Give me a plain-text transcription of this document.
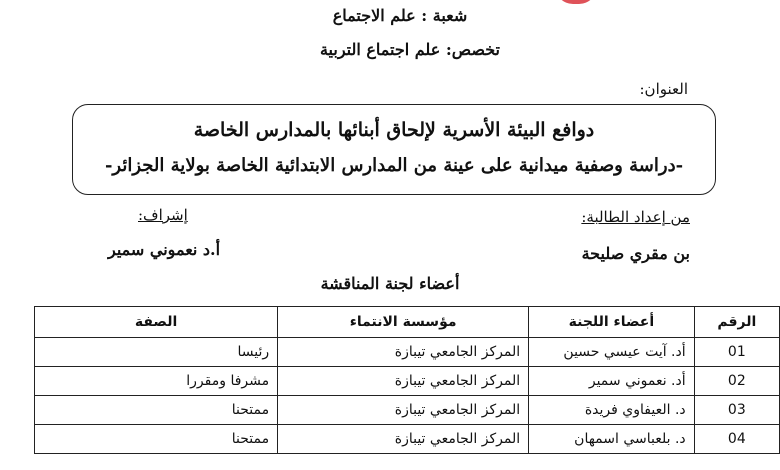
شعبة : علم الاجتماع
تخصص: علم اجتماع التربية
العنوان:
دوافع البيئة الأسرية لإلحاق أبنائها بالمدارس الخاصة
-دراسة وصفية ميدانية على عينة من المدارس الابتدائية الخاصة بولاية الجزائر-
من إعداد الطالبة:
بن مقري صليحة
إشراف:
أ.د نعموني سمير
أعضاء لجنة المناقشة
الرقم	أعضاء اللجنة	مؤسسة الانتماء	الصفة
01	أد. آيت عيسي حسين	المركز الجامعي تيبازة	رئيسا
02	أد. نعموني سمير	المركز الجامعي تيبازة	مشرفا ومقررا
03	د. العيفاوي فريدة	المركز الجامعي تيبازة	ممتحنا
04	د. بلعباسي اسمهان	المركز الجامعي تيبازة	ممتحنا
